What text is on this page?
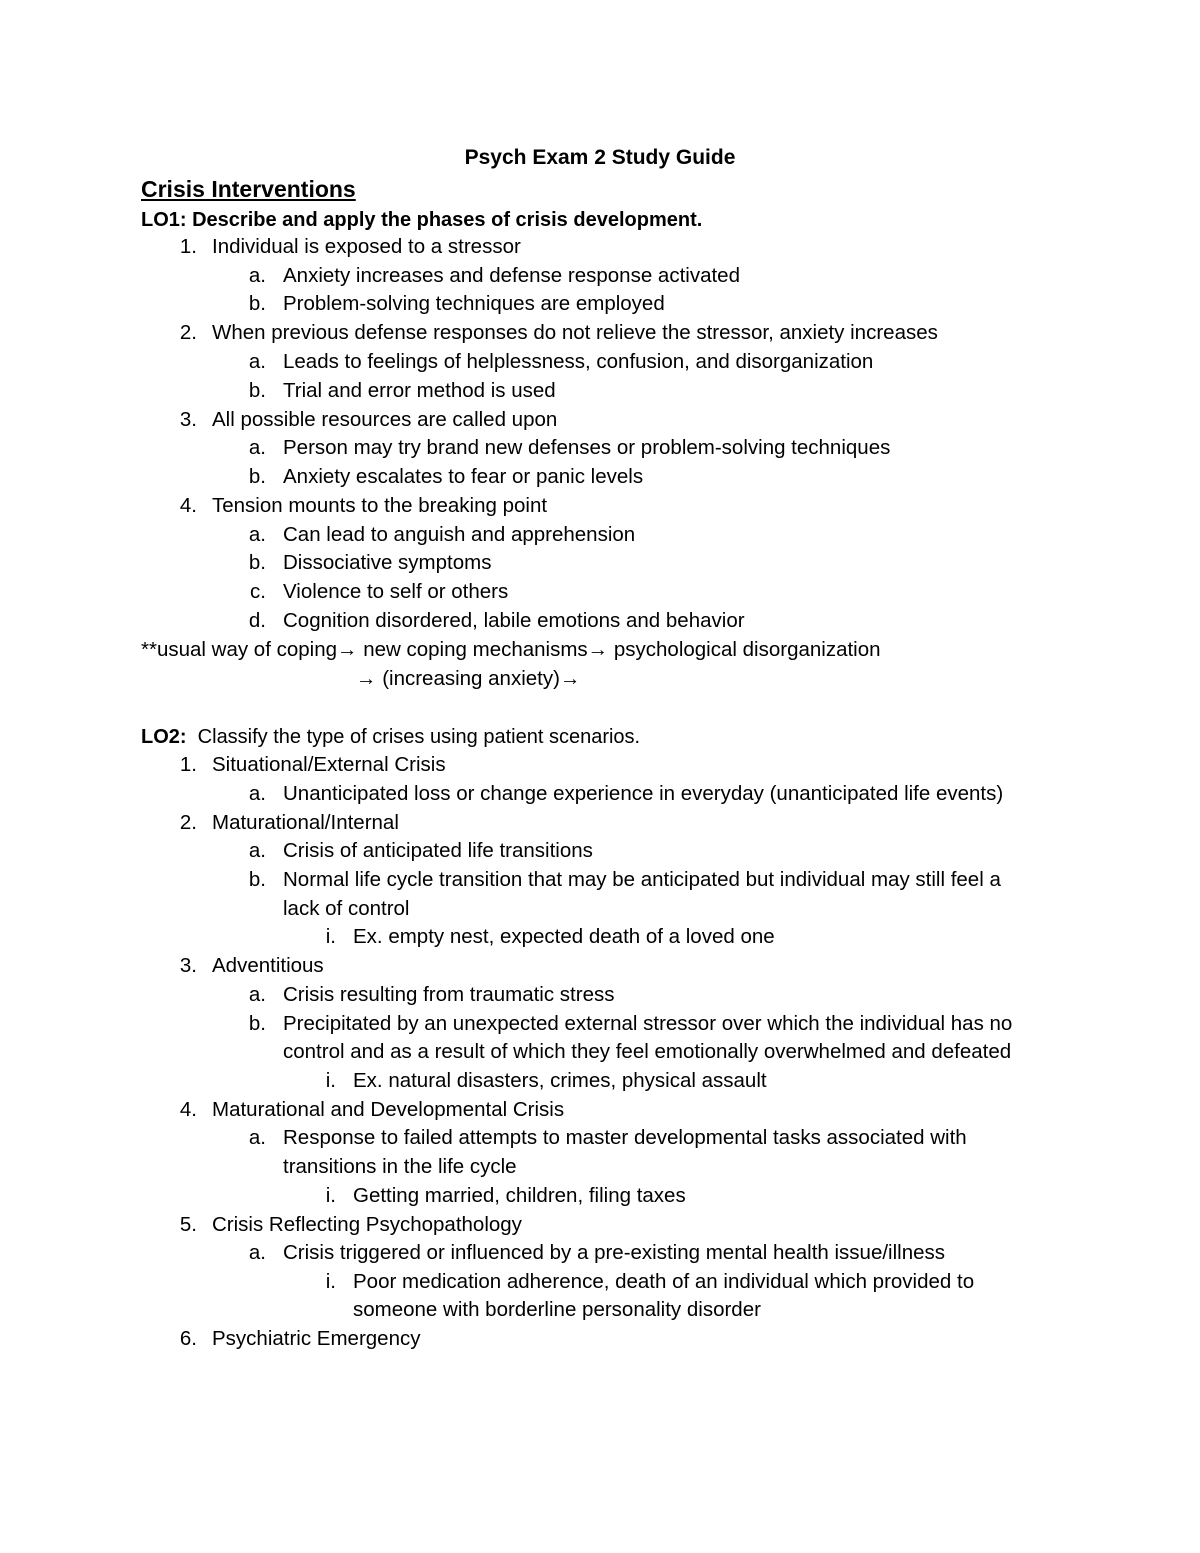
Psych Exam 2 Study Guide
Crisis Interventions
LO1: Describe and apply the phases of crisis development.
1. Individual is exposed to a stressor
a. Anxiety increases and defense response activated
b. Problem-solving techniques are employed
2. When previous defense responses do not relieve the stressor, anxiety increases
a. Leads to feelings of helplessness, confusion, and disorganization
b. Trial and error method is used
3. All possible resources are called upon
a. Person may try brand new defenses or problem-solving techniques
b. Anxiety escalates to fear or panic levels
4. Tension mounts to the breaking point
a. Can lead to anguish and apprehension
b. Dissociative symptoms
c. Violence to self or others
d. Cognition disordered, labile emotions and behavior
**usual way of coping→ new coping mechanisms→ psychological disorganization
→ (increasing anxiety)→
LO2:  Classify the type of crises using patient scenarios.
1. Situational/External Crisis
a. Unanticipated loss or change experience in everyday (unanticipated life events)
2. Maturational/Internal
a. Crisis of anticipated life transitions
b. Normal life cycle transition that may be anticipated but individual may still feel a
lack of control
i. Ex. empty nest, expected death of a loved one
3. Adventitious
a. Crisis resulting from traumatic stress
b. Precipitated by an unexpected external stressor over which the individual has no
control and as a result of which they feel emotionally overwhelmed and defeated
i. Ex. natural disasters, crimes, physical assault
4. Maturational and Developmental Crisis
a. Response to failed attempts to master developmental tasks associated with
transitions in the life cycle
i. Getting married, children, filing taxes
5. Crisis Reflecting Psychopathology
a. Crisis triggered or influenced by a pre-existing mental health issue/illness
i. Poor medication adherence, death of an individual which provided to
someone with borderline personality disorder
6. Psychiatric Emergency
